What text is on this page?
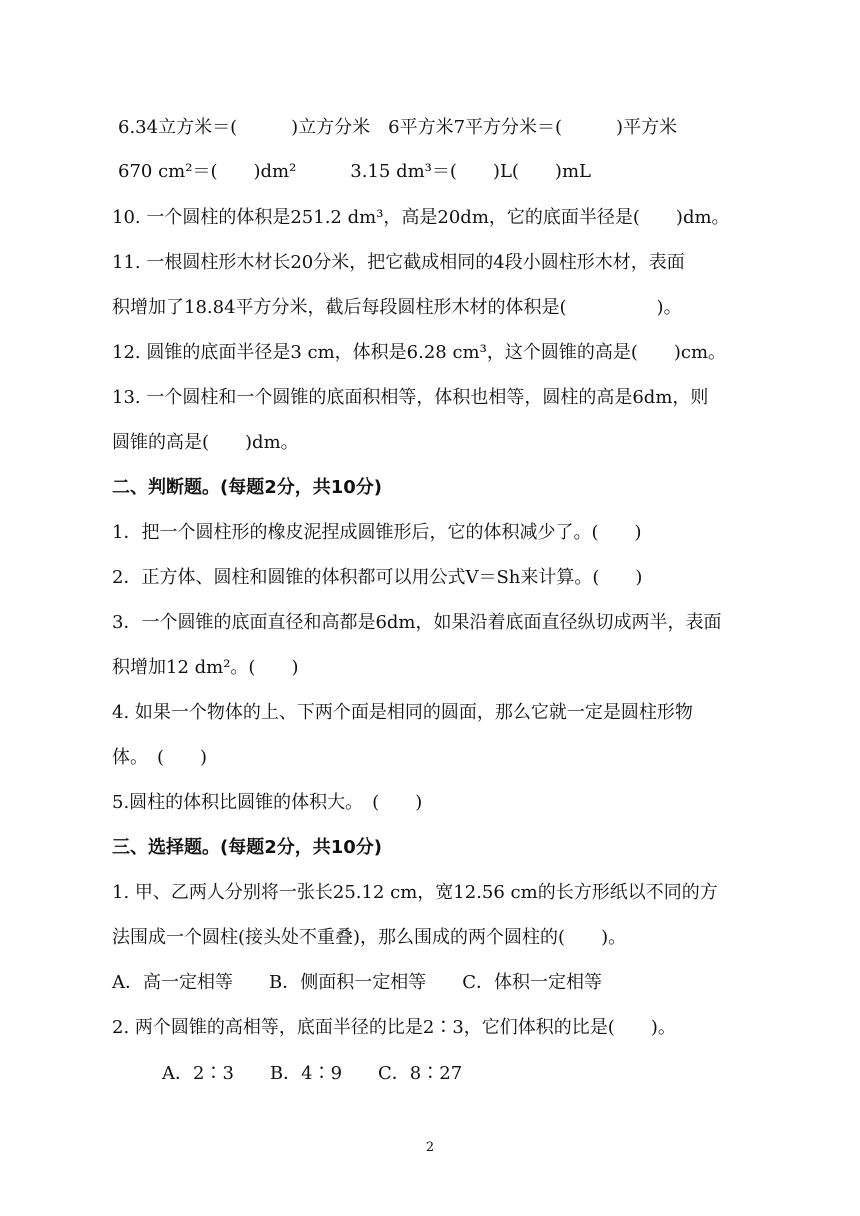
6.34立方米＝(　　　)立方分米　6平方米7平方分米＝(　　　)平方米
670 cm²＝(　　)dm²　　　3.15 dm³＝(　　)L(　　)mL
10. 一个圆柱的体积是251.2 dm³，高是20dm，它的底面半径是(　　)dm。
11. 一根圆柱形木材长20分米，把它截成相同的4段小圆柱形木材，表面
积增加了18.84平方分米，截后每段圆柱形木材的体积是(　　　　　)。
12. 圆锥的底面半径是3 cm，体积是6.28 cm³，这个圆锥的高是(　　)cm。
13. 一个圆柱和一个圆锥的底面积相等，体积也相等，圆柱的高是6dm，则
圆锥的高是(　　)dm。
二、判断题。(每题2分，共10分)
1．把一个圆柱形的橡皮泥捏成圆锥形后，它的体积减少了。(　　)
2．正方体、圆柱和圆锥的体积都可以用公式V＝Sh来计算。(　　)
3．一个圆锥的底面直径和高都是6dm，如果沿着底面直径纵切成两半，表面
积增加12 dm²。(　　)
4. 如果一个物体的上、下两个面是相同的圆面，那么它就一定是圆柱形物
体。　(　　)
5.圆柱的体积比圆锥的体积大。　(　　)
三、选择题。(每题2分，共10分)
1. 甲、乙两人分别将一张长25.12 cm，宽12.56 cm的长方形纸以不同的方
法围成一个圆柱(接头处不重叠)，那么围成的两个圆柱的(　　)。
A．高一定相等　　B．侧面积一定相等　　C．体积一定相等
2. 两个圆锥的高相等，底面半径的比是2∶3，它们体积的比是(　　)。
A．2∶3　　B．4∶9　　C．8∶27
2
